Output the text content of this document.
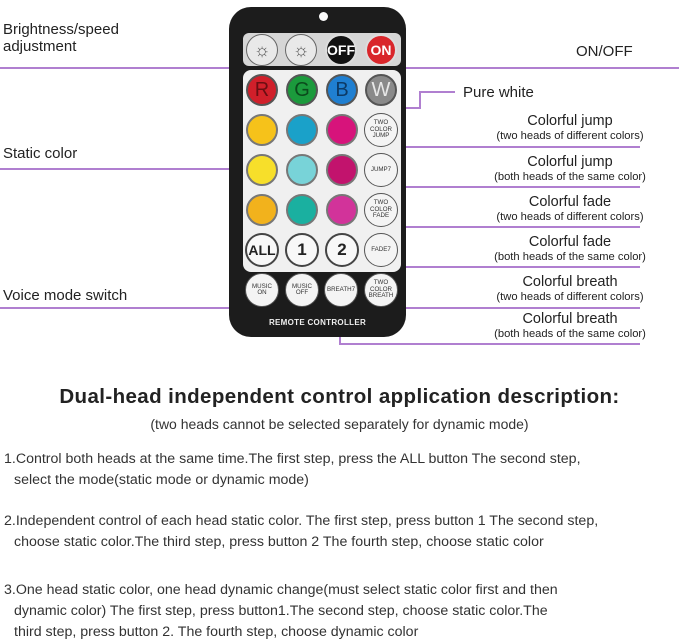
Brightness/speed
adjustment
Static color
Voice mode switch
ON/OFF
Pure white
Colorful jump
(two heads of different colors)
Colorful jump
(both heads of the same color)
Colorful fade
(two heads of different colors)
Colorful fade
(both heads of the same color)
Colorful breath
(two heads of different colors)
Colorful breath
(both heads of the same color)
☼ ☼ OFF	ON
R	G	B	W
TWO
COLOR
JUMP
JUMP7
TWO
COLOR
FADE
FADE7
TWO
COLOR
BREATH
ALL	1	2
MUSIC
ON
MUSIC
OFF	BREATH7
REMOTE CONTROLLER
Dual-head independent control application description:
(two heads cannot be selected separately for dynamic mode)
1.Control both heads at the same time.The first step, press the ALL button The second step,
select the mode(static mode or dynamic mode)
2.Independent control of each head static color. The first step, press button 1 The second step,
choose static color.The third step, press button 2 The fourth step, choose static color
3.One head static color, one head dynamic change(must select static color first and then
dynamic color) The first step, press button1.The second step, choose static color.The
third step, press button 2. The fourth step, choose dynamic color
